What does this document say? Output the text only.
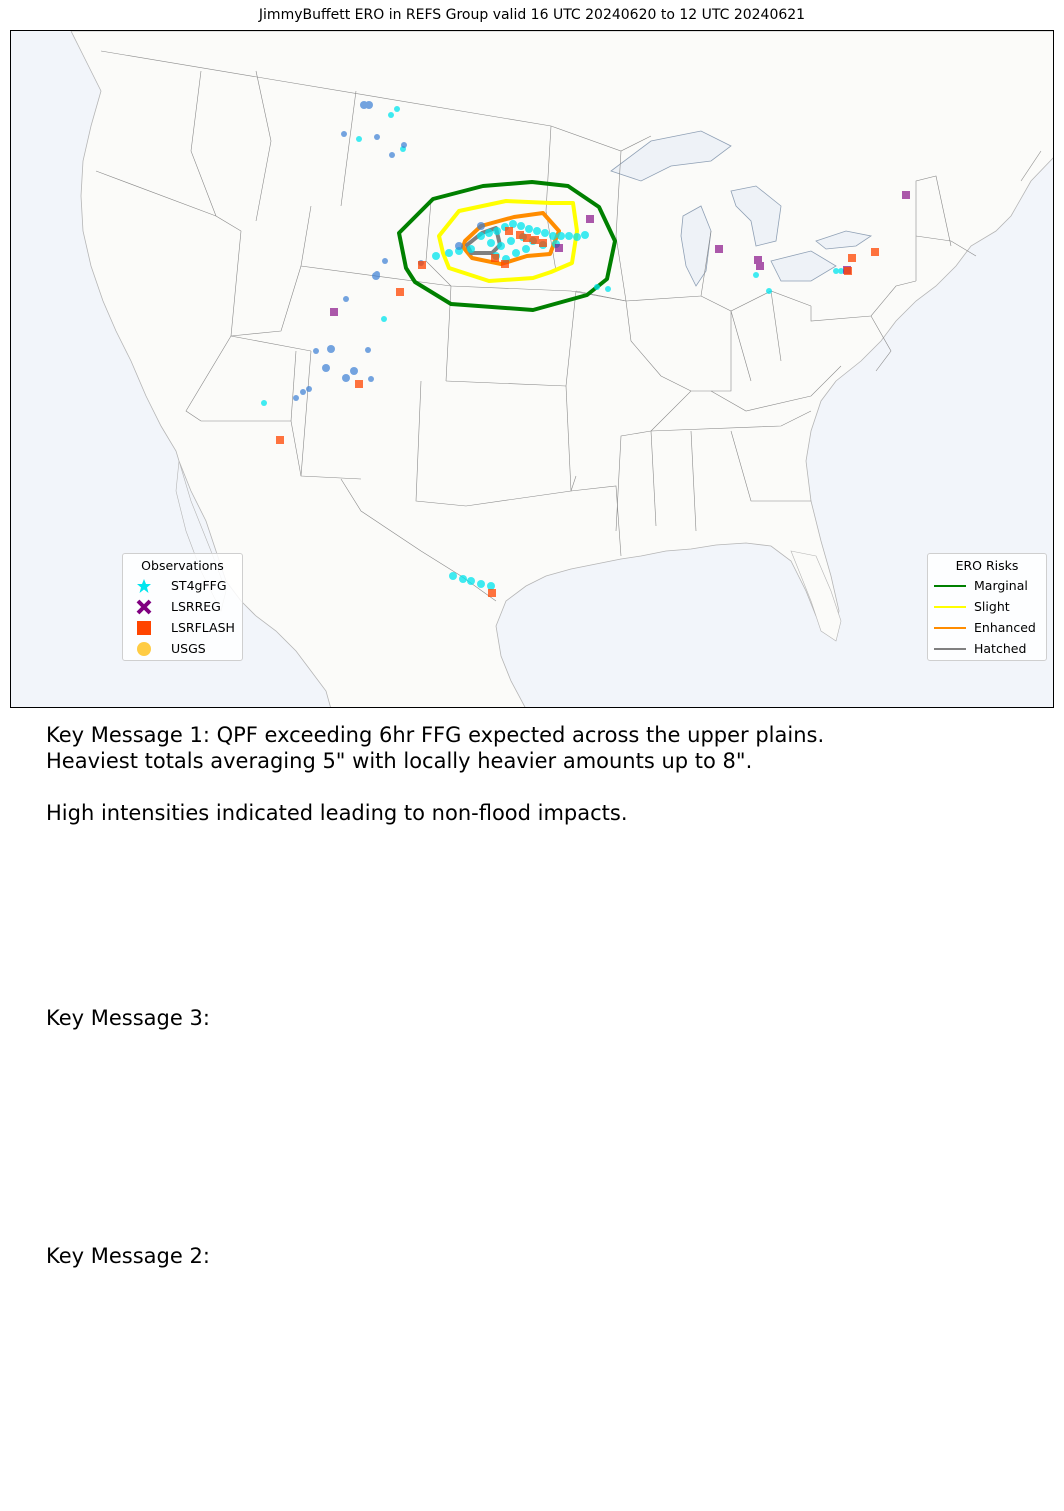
JimmyBuffett ERO in REFS Group valid 16 UTC 20240620 to 12 UTC 20240621
Observations
ST4gFFG
LSRREG
LSRFLASH
USGS
ERO Risks
Marginal
Slight
Enhanced
Hatched
Key Message 1: QPF exceeding 6hr FFG expected across the upper plains.
Heaviest totals averaging 5" with locally heavier amounts up to 8".

High intensities indicated leading to non-flood impacts.
Key Message 3:
Key Message 2:
